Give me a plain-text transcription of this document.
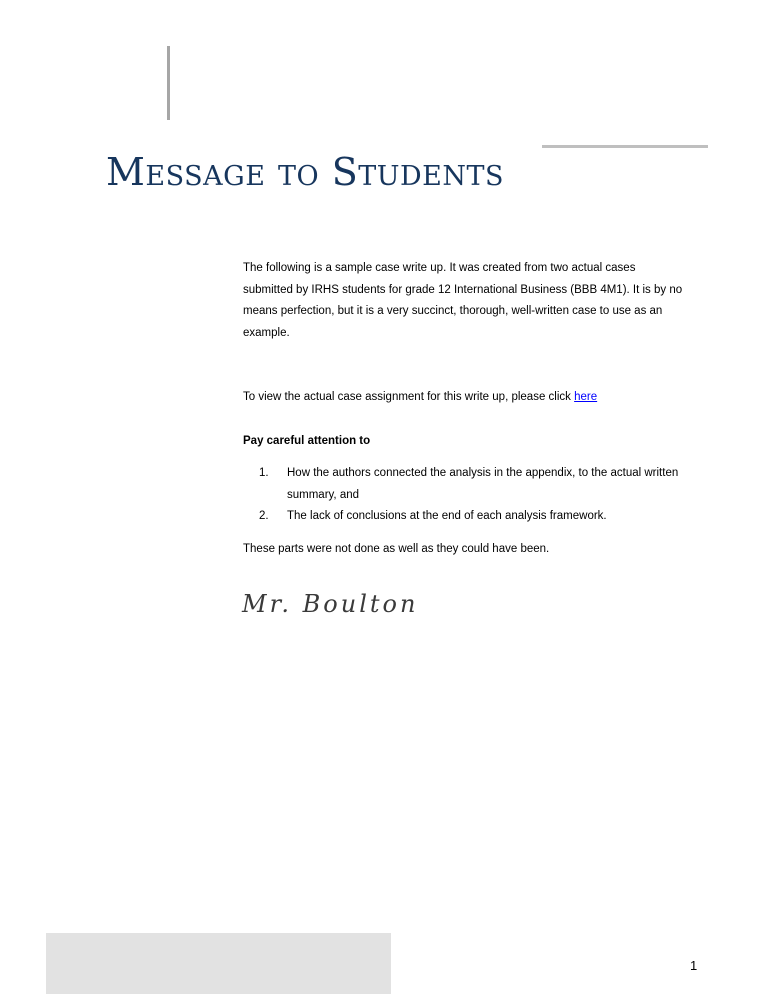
Message to Students

The following is a sample case write up. It was created from two actual cases submitted by IRHS students for grade 12 International Business (BBB 4M1). It is by no means perfection, but it is a very succinct, thorough, well-written case to use as an example.

To view the actual case assignment for this write up, please click here

Pay careful attention to

1. How the authors connected the analysis in the appendix, to the actual written summary, and
2. The lack of conclusions at the end of each analysis framework.

These parts were not done as well as they could have been.

Mr. Boulton
1
